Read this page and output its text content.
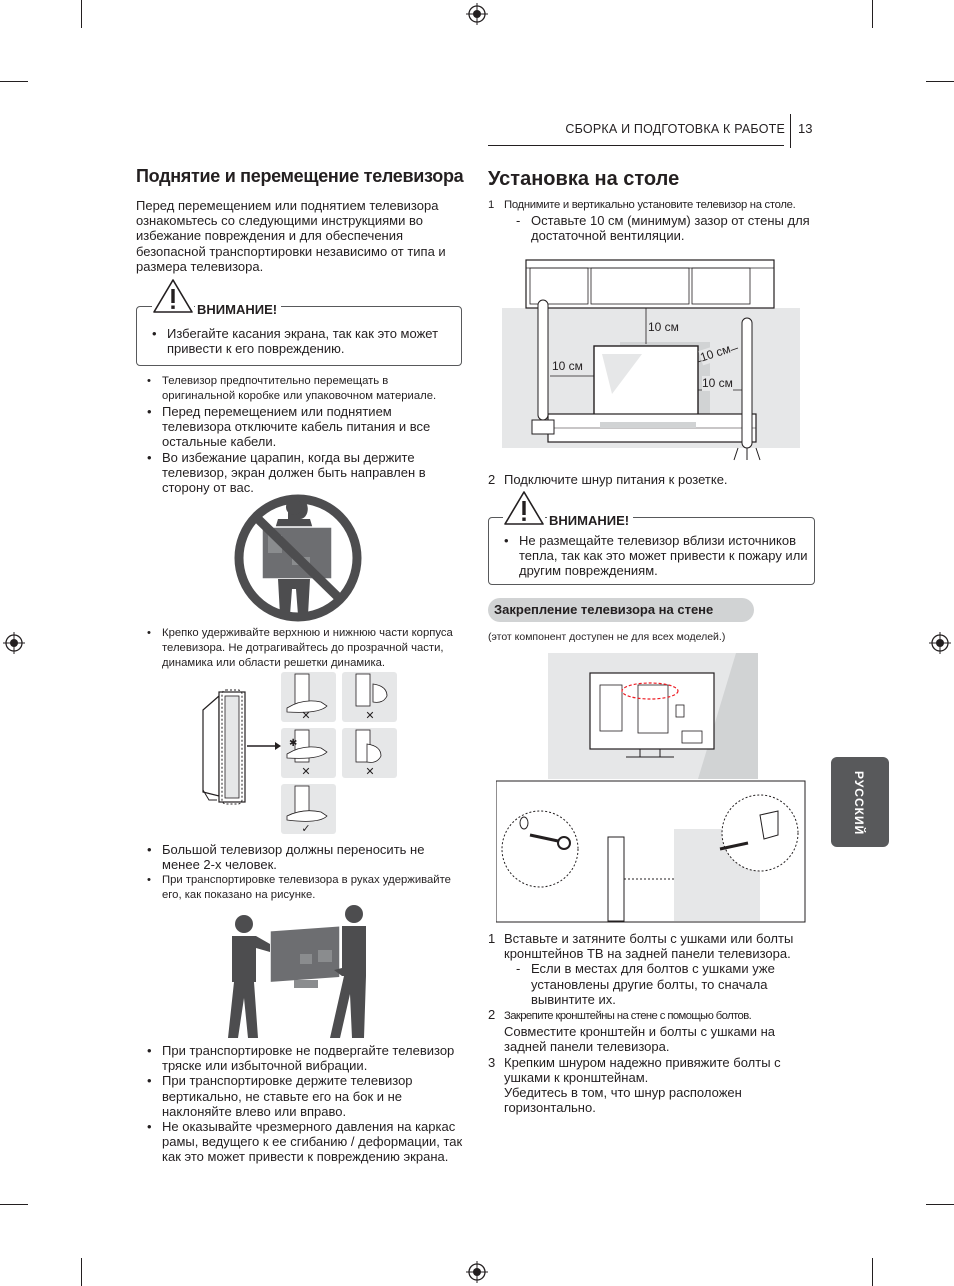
СБОРКА И ПОДГОТОВКА К РАБОТЕ 13
РУССКИЙ
Поднятие и перемещение телевизора
Перед перемещением или поднятием телевизора ознакомьтесь со следующими инструкциями во избежание повреждения и для обеспечения безопасной транспортировки независимо от типа и размера телевизора.
ВНИМАНИЕ!
• Избегайте касания экрана, так как это может привести к его повреждению.
• Телевизор предпочтительно перемещать в оригинальной коробке или упаковочном материале.
• Перед перемещением или поднятием телевизора отключите кабель питания и все остальные кабели.
• Во избежание царапин, когда вы держите телевизор, экран должен быть направлен в сторону от вас.
• Крепко удерживайте верхнюю и нижнюю части корпуса телевизора. Не дотрагивайтесь до прозрачной части, динамика или области решетки динамика.
✕	✕
✱
✕	✕
✓
• Большой телевизор должны переносить не менее 2-х человек.
• При транспортировке телевизора в руках удерживайте его, как показано на рисунке.
• При транспортировке не подвергайте телевизор тряске или избыточной вибрации.
• При транспортировке держите телевизор вертикально, не ставьте его на бок и не наклоняйте влево или вправо.
• Не оказывайте чрезмерного давления на каркас рамы, ведущего к ее сгибанию / деформации, так как это может привести к повреждению экрана.
Установка на столе
1 Поднимите и вертикально установите телевизор на столе.
- Оставьте 10 см (минимум) зазор от стены для достаточной вентиляции.
10 см
10 см
10 см
10 см
2 Подключите шнур питания к розетке.
ВНИМАНИЕ!
• Не размещайте телевизор вблизи источников тепла, так как это может привести к пожару или другим повреждениям.
Закрепление телевизора на стене
(этот компонент доступен не для всех моделей.)
1 Вставьте и затяните болты с ушками или болты кронштейнов ТВ на задней панели телевизора.
- Если в местах для болтов с ушками уже установлены другие болты, то сначала вывинтите их.
2 Закрепите кронштейны на стене с помощью болтов.
Совместите кронштейн и болты с ушками на задней панели телевизора.
3 Крепким шнуром надежно привяжите болты с ушками к кронштейнам.
Убедитесь в том, что шнур расположен горизонтально.
